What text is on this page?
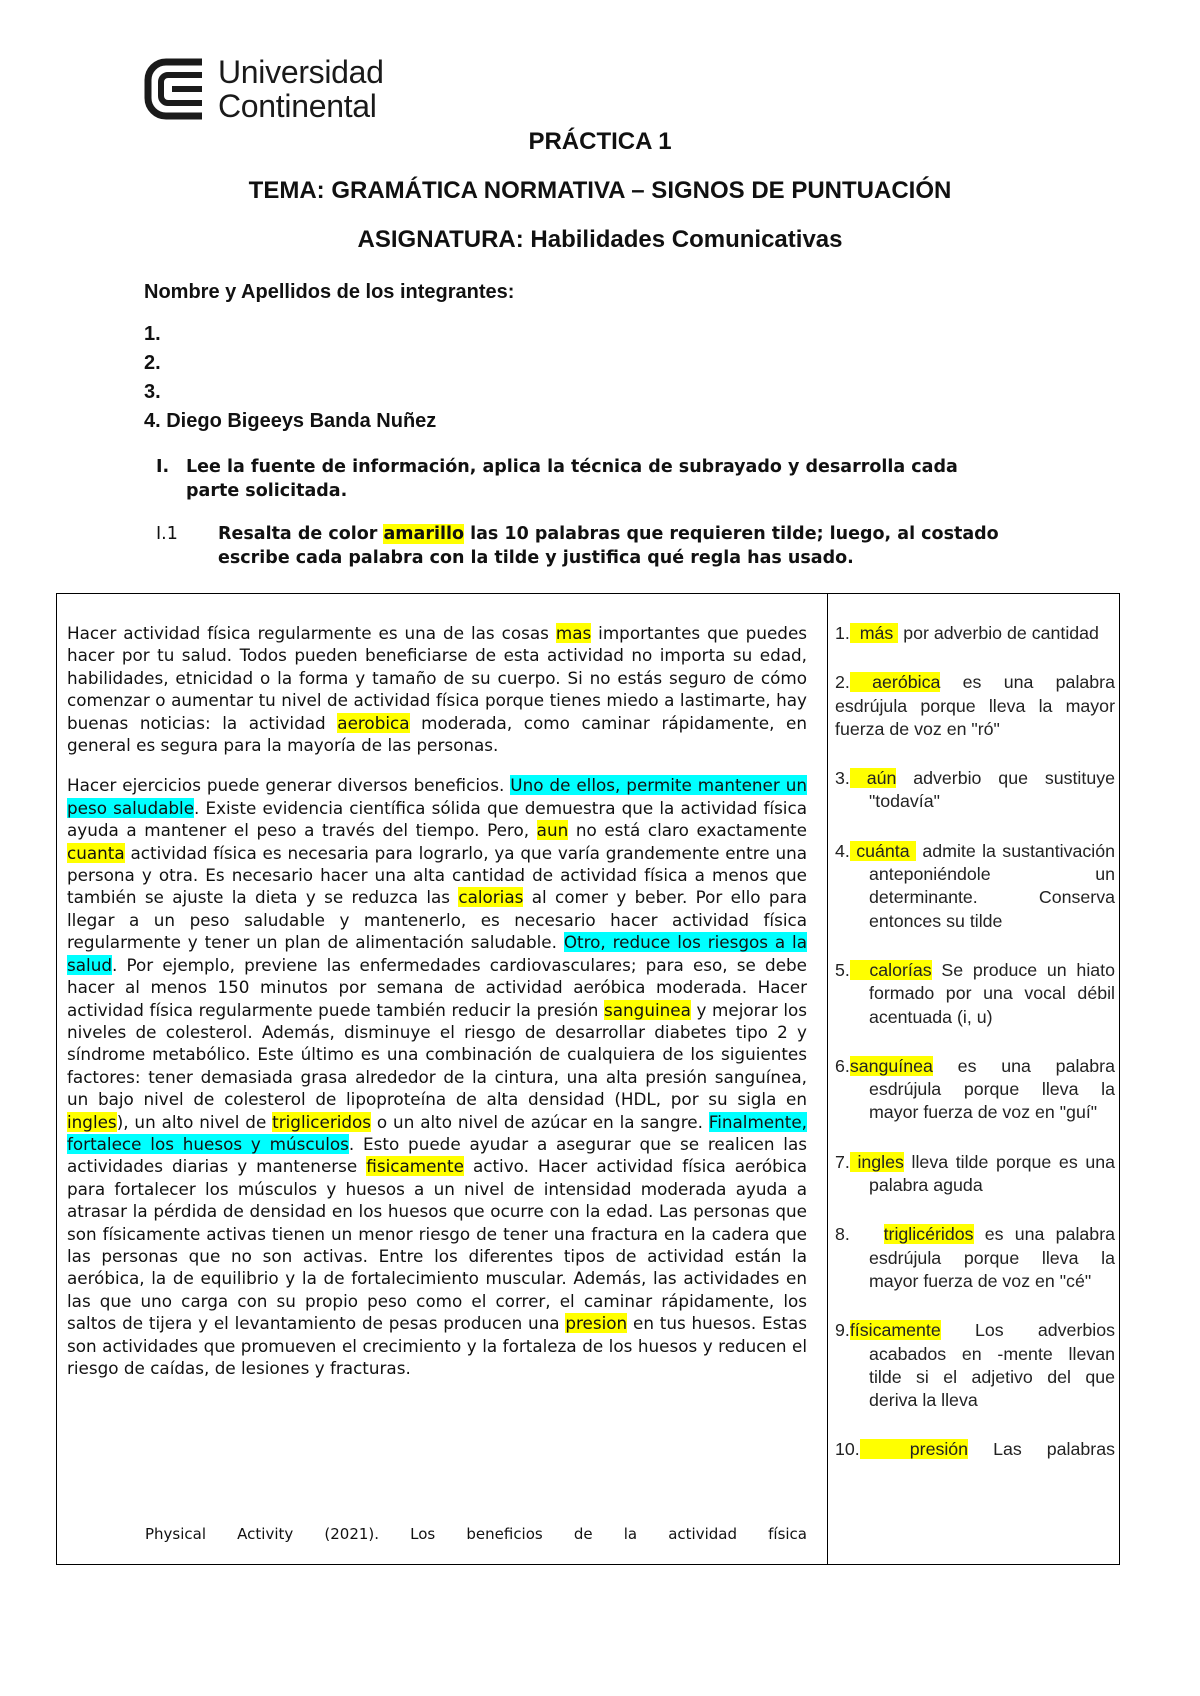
Universidad
Continental
PRÁCTICA 1
TEMA: GRAMÁTICA NORMATIVA – SIGNOS DE PUNTUACIÓN
ASIGNATURA: Habilidades Comunicativas
Nombre y Apellidos de los integrantes:
1.
2.
3.
4. Diego Bigeeys Banda Nuñez
I. Lee la fuente de información, aplica la técnica de subrayado y desarrolla cada
parte solicitada.
I.1 Resalta de color amarillo las 10 palabras que requieren tilde; luego, al costado
escribe cada palabra con la tilde y justifica qué regla has usado.

Hacer actividad física regularmente es una de las cosas mas importantes que puedes hacer por tu salud. Todos pueden beneficiarse de esta actividad no importa su edad, habilidades, etnicidad o la forma y tamaño de su cuerpo. Si no estás seguro de cómo comenzar o aumentar tu nivel de actividad física porque tienes miedo a lastimarte, hay buenas noticias: la actividad aerobica moderada, como caminar rápidamente, en general es segura para la mayoría de las personas.

Hacer ejercicios puede generar diversos beneficios. Uno de ellos, permite mantener un peso saludable. Existe evidencia científica sólida que demuestra que la actividad física ayuda a mantener el peso a través del tiempo. Pero, aun no está claro exactamente cuanta actividad física es necesaria para lograrlo, ya que varía grandemente entre una persona y otra. Es necesario hacer una alta cantidad de actividad física a menos que también se ajuste la dieta y se reduzca las calorias al comer y beber. Por ello para llegar a un peso saludable y mantenerlo, es necesario hacer actividad física regularmente y tener un plan de alimentación saludable. Otro, reduce los riesgos a la salud. Por ejemplo, previene las enfermedades cardiovasculares; para eso, se debe hacer al menos 150 minutos por semana de actividad aeróbica moderada. Hacer actividad física regularmente puede también reducir la presión sanguinea y mejorar los niveles de colesterol. Además, disminuye el riesgo de desarrollar diabetes tipo 2 y síndrome metabólico. Este último es una combinación de cualquiera de los siguientes factores: tener demasiada grasa alrededor de la cintura, una alta presión sanguínea, un bajo nivel de colesterol de lipoproteína de alta densidad (HDL, por su sigla en ingles), un alto nivel de trigliceridos o un alto nivel de azúcar en la sangre. Finalmente, fortalece los huesos y músculos. Esto puede ayudar a asegurar que se realicen las actividades diarias y mantenerse fisicamente activo. Hacer actividad física aeróbica para fortalecer los músculos y huesos a un nivel de intensidad moderada ayuda a atrasar la pérdida de densidad en los huesos que ocurre con la edad. Las personas que son físicamente activas tienen un menor riesgo de tener una fractura en la cadera que las personas que no son activas. Entre los diferentes tipos de actividad están la aeróbica, la de equilibrio y la de fortalecimiento muscular. Además, las actividades en las que uno carga con su propio peso como el correr, el caminar rápidamente, los saltos de tijera y el levantamiento de pesas producen una presion en tus huesos. Estas son actividades que promueven el crecimiento y la fortaleza de los huesos y reducen el riesgo de caídas, de lesiones y fracturas.

Physical Activity (2021). Los beneficios de la actividad física
1.  más  por adverbio de cantidad
2. aeróbica es una palabra esdrújula porque lleva la mayor fuerza de voz en "ró"
3. aún adverbio que sustituye "todavía"
4. cuánta  admite la sustantivación anteponiéndole un determinante. Conserva entonces su tilde
5.  calorías Se produce un hiato formado por una vocal débil acentuada (i, u)
6.sanguínea es una palabra esdrújula porque lleva la mayor fuerza de voz en "guí"
7. ingles lleva tilde porque es una palabra aguda
8. triglicéridos es una palabra esdrújula porque lleva la mayor fuerza de voz en "cé"
9.físicamente Los adverbios acabados en -mente llevan tilde si el adjetivo del que deriva la lleva
10.  presión Las palabras
